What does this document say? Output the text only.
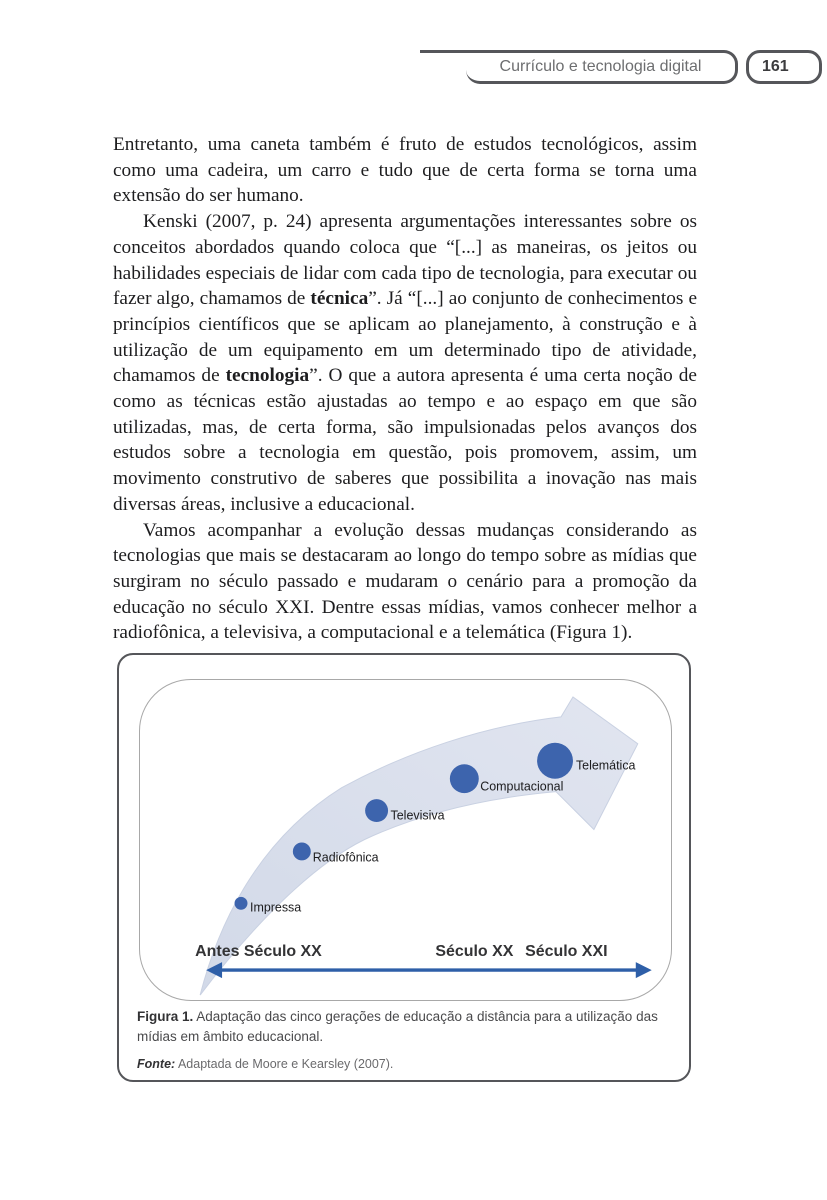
Currículo e tecnologia digital	161

Entretanto, uma caneta também é fruto de estudos tecnológicos, assim como uma cadeira, um carro e tudo que de certa forma se torna uma extensão do ser humano.

Kenski (2007, p. 24) apresenta argumentações interessantes sobre os conceitos abordados quando coloca que “[...] as maneiras, os jeitos ou habilidades especiais de lidar com cada tipo de tecnologia, para executar ou fazer algo, chamamos de técnica”. Já “[...] ao conjunto de conhecimentos e princípios científicos que se aplicam ao planejamento, à construção e à utilização de um equipamento em um determinado tipo de atividade, chamamos de tecnologia”. O que a autora apresenta é uma certa noção de como as técnicas estão ajustadas ao tempo e ao espaço em que são utilizadas, mas, de certa forma, são impulsionadas pelos avanços dos estudos sobre a tecnologia em questão, pois promovem, assim, um movimento construtivo de saberes que possibilita a inovação nas mais diversas áreas, inclusive a educacional.

Vamos acompanhar a evolução dessas mudanças considerando as tecnologias que mais se destacaram ao longo do tempo sobre as mídias que surgiram no século passado e mudaram o cenário para a promoção da educação no século XXI. Dentre essas mídias, vamos conhecer melhor a radiofônica, a televisiva, a computacional e a telemática (Figura 1).

Impressa
Radiofônica
Televisiva
Computacional
Telemática
Antes Século XX	Século XX Século XXI
Figura 1. Adaptação das cinco gerações de educação a distância para a utilização das mídias em âmbito educacional.
Fonte: Adaptada de Moore e Kearsley (2007).
